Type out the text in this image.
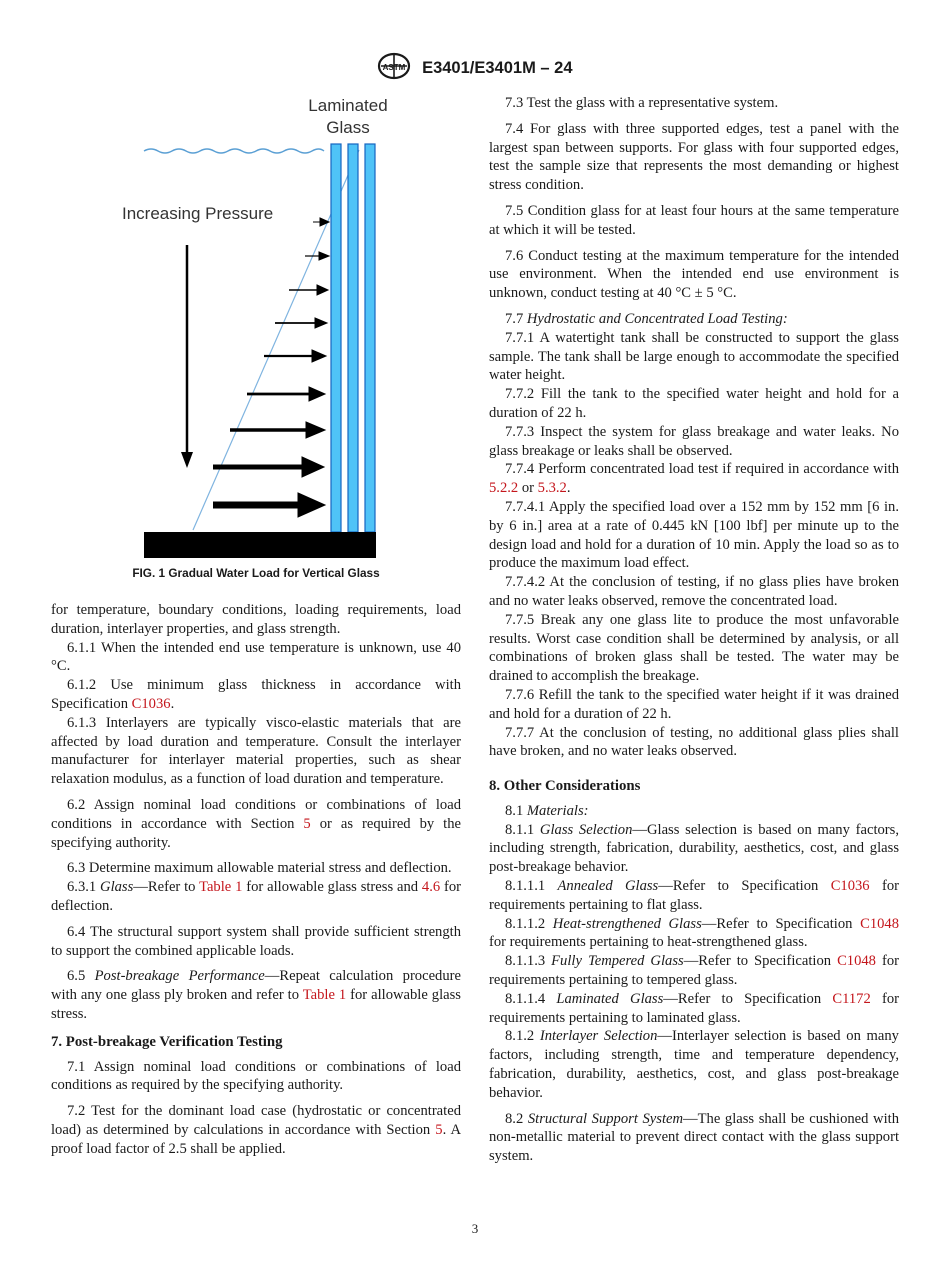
ASTM E3401/E3401M – 24
Laminated
Glass
Increasing Pressure
FIG. 1 Gradual Water Load for Vertical Glass

for temperature, boundary conditions, loading requirements, load duration, interlayer properties, and glass strength.

6.1.1 When the intended end use temperature is unknown, use 40 °C.

6.1.2 Use minimum glass thickness in accordance with Specification C1036.

6.1.3 Interlayers are typically visco-elastic materials that are affected by load duration and temperature. Consult the interlayer manufacturer for interlayer material properties, such as shear relaxation modulus, as a function of load duration and temperature.

6.2 Assign nominal load conditions or combinations of load conditions in accordance with Section 5 or as required by the specifying authority.

6.3 Determine maximum allowable material stress and deflection.

6.3.1 Glass—Refer to Table 1 for allowable glass stress and 4.6 for deflection.

6.4 The structural support system shall provide sufficient strength to support the combined applicable loads.

6.5 Post-breakage Performance—Repeat calculation procedure with any one glass ply broken and refer to Table 1 for allowable glass stress.

7. Post-breakage Verification Testing

7.1 Assign nominal load conditions or combinations of load conditions as required by the specifying authority.

7.2 Test for the dominant load case (hydrostatic or concentrated load) as determined by calculations in accordance with Section 5. A proof load factor of 2.5 shall be applied.

7.3 Test the glass with a representative system.

7.4 For glass with three supported edges, test a panel with the largest span between supports. For glass with four supported edges, test the sample size that represents the most demanding or highest stress condition.

7.5 Condition glass for at least four hours at the same temperature at which it will be tested.

7.6 Conduct testing at the maximum temperature for the intended use environment. When the intended end use environment is unknown, conduct testing at 40 °C ± 5 °C.

7.7 Hydrostatic and Concentrated Load Testing:

7.7.1 A watertight tank shall be constructed to support the glass sample. The tank shall be large enough to accommodate the specified water height.

7.7.2 Fill the tank to the specified water height and hold for a duration of 22 h.

7.7.3 Inspect the system for glass breakage and water leaks. No glass breakage or leaks shall be observed.

7.7.4 Perform concentrated load test if required in accordance with 5.2.2 or 5.3.2.

7.7.4.1 Apply the specified load over a 152 mm by 152 mm [6 in. by 6 in.] area at a rate of 0.445 kN [100 lbf] per minute up to the design load and hold for a duration of 10 min. Apply the load so as to produce the maximum load effect.

7.7.4.2 At the conclusion of testing, if no glass plies have broken and no water leaks observed, remove the concentrated load.

7.7.5 Break any one glass lite to produce the most unfavorable results. Worst case condition shall be determined by analysis, or all combinations of broken glass shall be tested. The water may be drained to accomplish the breakage.

7.7.6 Refill the tank to the specified water height if it was drained and hold for a duration of 22 h.

7.7.7 At the conclusion of testing, no additional glass plies shall have broken, and no water leaks observed.

8. Other Considerations

8.1 Materials:

8.1.1 Glass Selection—Glass selection is based on many factors, including strength, fabrication, durability, aesthetics, cost, and glass post-breakage behavior.

8.1.1.1 Annealed Glass—Refer to Specification C1036 for requirements pertaining to flat glass.

8.1.1.2 Heat-strengthened Glass—Refer to Specification C1048 for requirements pertaining to heat-strengthened glass.

8.1.1.3 Fully Tempered Glass—Refer to Specification C1048 for requirements pertaining to tempered glass.

8.1.1.4 Laminated Glass—Refer to Specification C1172 for requirements pertaining to laminated glass.

8.1.2 Interlayer Selection—Interlayer selection is based on many factors, including strength, time and temperature dependency, fabrication, durability, aesthetics, cost, and glass post-breakage behavior.

8.2 Structural Support System—The glass shall be cushioned with non-metallic material to prevent direct contact with the glass support system.

3
